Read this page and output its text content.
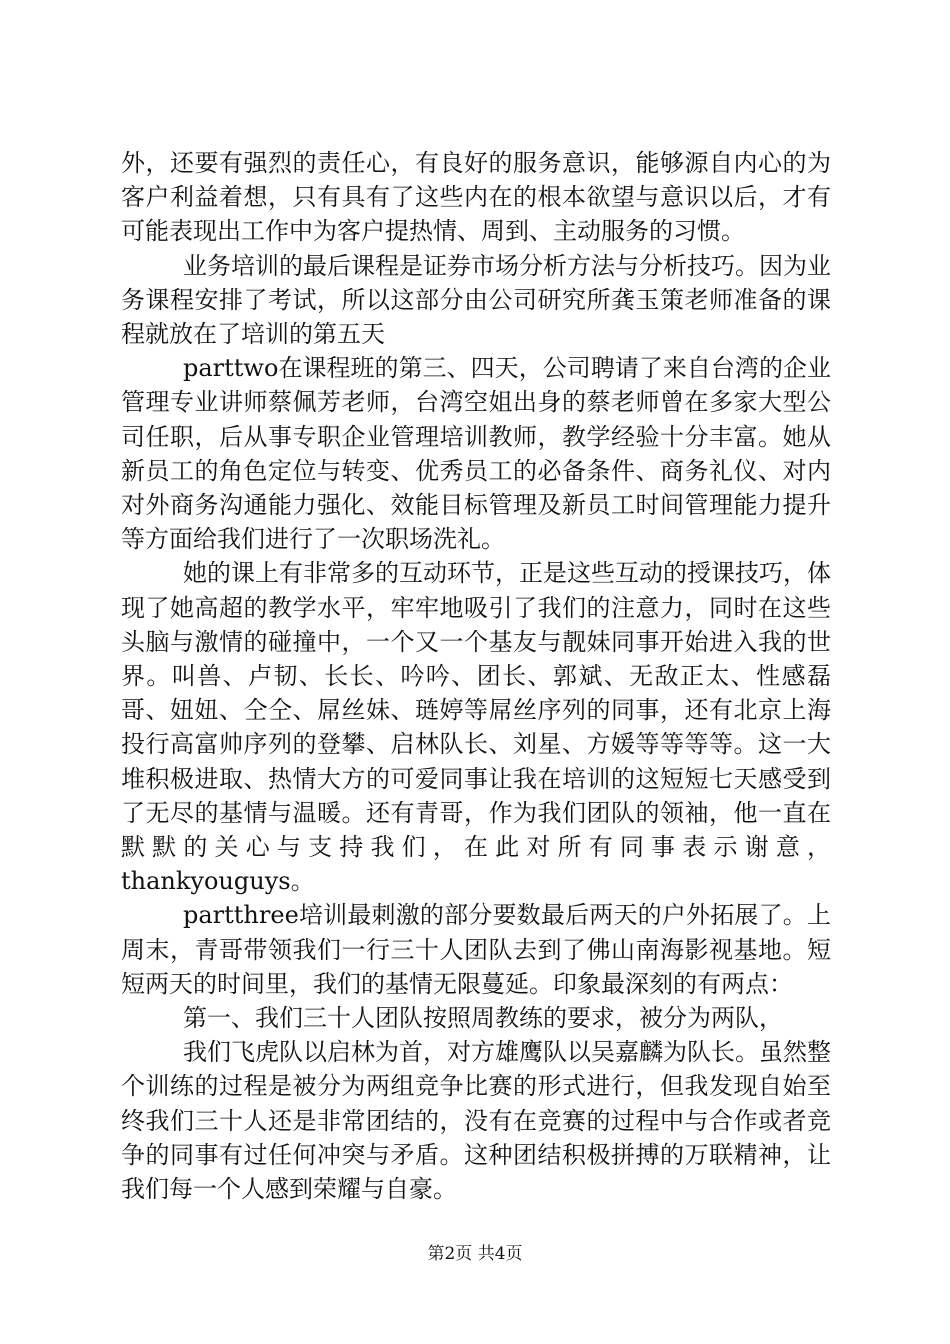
外，还要有强烈的责任心，有良好的服务意识，能够源自内心的为客户利益着想，只有具有了这些内在的根本欲望与意识以后，才有可能表现出工作中为客户提热情、周到、主动服务的习惯。

业务培训的最后课程是证券市场分析方法与分析技巧。因为业务课程安排了考试，所以这部分由公司研究所龚玉策老师准备的课程就放在了培训的第五天

parttwo在课程班的第三、四天，公司聘请了来自台湾的企业管理专业讲师蔡佩芳老师，台湾空姐出身的蔡老师曾在多家大型公司任职，后从事专职企业管理培训教师，教学经验十分丰富。她从新员工的角色定位与转变、优秀员工的必备条件、商务礼仪、对内对外商务沟通能力强化、效能目标管理及新员工时间管理能力提升等方面给我们进行了一次职场洗礼。

她的课上有非常多的互动环节，正是这些互动的授课技巧，体现了她高超的教学水平，牢牢地吸引了我们的注意力，同时在这些头脑与激情的碰撞中，一个又一个基友与靓妹同事开始进入我的世界。叫兽、卢韧、长长、吟吟、团长、郭斌、无敌正太、性感磊哥、妞妞、仝仝、屌丝妹、琏婷等屌丝序列的同事，还有北京上海投行高富帅序列的登攀、启林队长、刘星、方媛等等等等。这一大堆积极进取、热情大方的可爱同事让我在培训的这短短七天感受到了无尽的基情与温暖。还有青哥，作为我们团队的领袖，他一直在默默的关心与支持我们，在此对所有同事表示谢意，thankyouguys。

partthree培训最刺激的部分要数最后两天的户外拓展了。上周末，青哥带领我们一行三十人团队去到了佛山南海影视基地。短短两天的时间里，我们的基情无限蔓延。印象最深刻的有两点：

第一、我们三十人团队按照周教练的要求，被分为两队，

我们飞虎队以启林为首，对方雄鹰队以吴嘉麟为队长。虽然整个训练的过程是被分为两组竞争比赛的形式进行，但我发现自始至终我们三十人还是非常团结的，没有在竞赛的过程中与合作或者竞争的同事有过任何冲突与矛盾。这种团结积极拼搏的万联精神，让我们每一个人感到荣耀与自豪。

第2页 共4页
